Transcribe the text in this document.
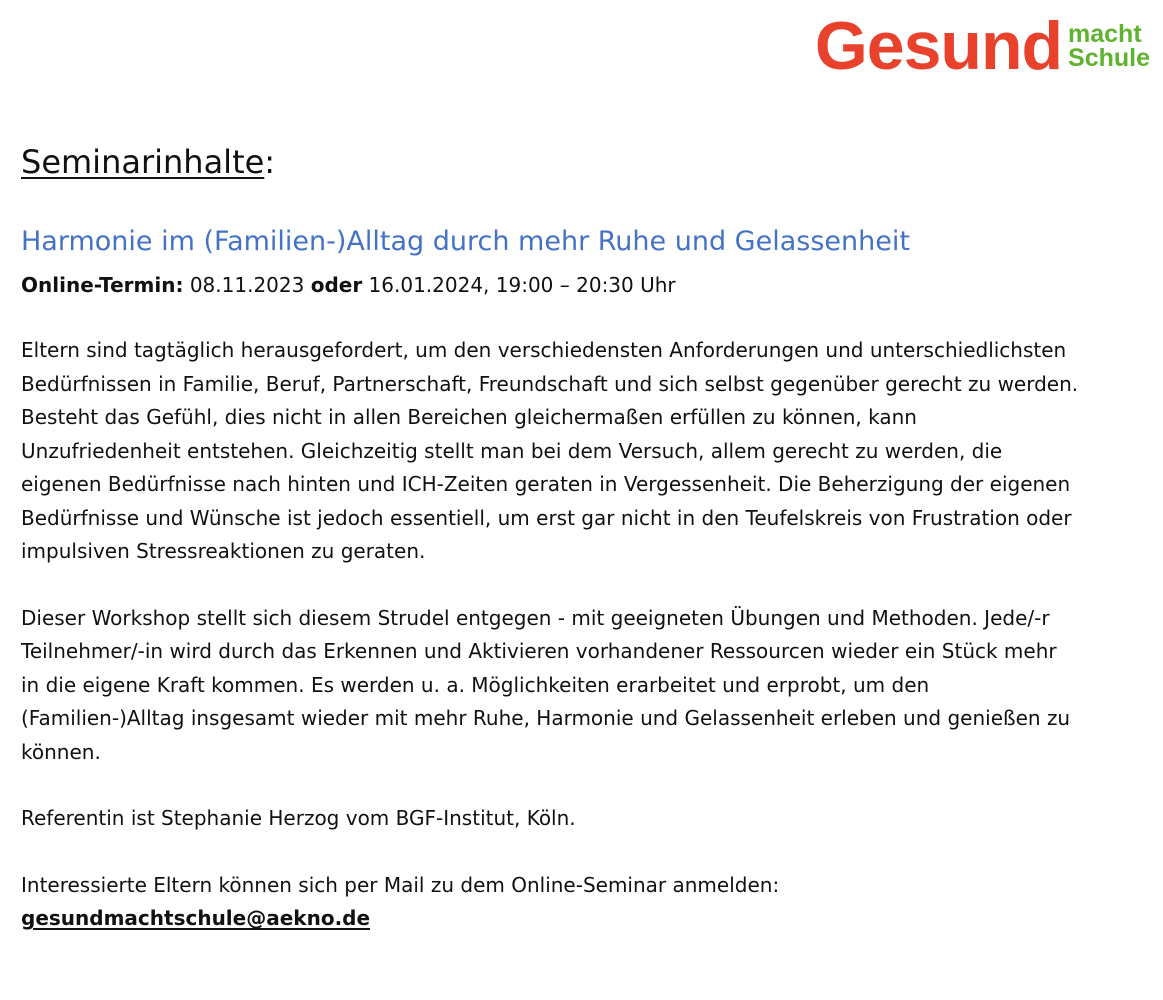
Gesund macht
Schule
Seminarinhalte:
Harmonie im (Familien-)Alltag durch mehr Ruhe und Gelassenheit

Online-Termin: 08.11.2023 oder 16.01.2024, 19:00 – 20:30 Uhr

Eltern sind tagtäglich herausgefordert, um den verschiedensten Anforderungen und unterschiedlichsten Bedürfnissen in Familie, Beruf, Partnerschaft, Freundschaft und sich selbst gegenüber gerecht zu werden. Besteht das Gefühl, dies nicht in allen Bereichen gleichermaßen erfüllen zu können, kann Unzufriedenheit entstehen. Gleichzeitig stellt man bei dem Versuch, allem gerecht zu werden, die eigenen Bedürfnisse nach hinten und ICH-Zeiten geraten in Vergessenheit. Die Beherzigung der eigenen Bedürfnisse und Wünsche ist jedoch essentiell, um erst gar nicht in den Teufelskreis von Frustration oder impulsiven Stressreaktionen zu geraten.

Dieser Workshop stellt sich diesem Strudel entgegen - mit geeigneten Übungen und Methoden. Jede/-r Teilnehmer/-in wird durch das Erkennen und Aktivieren vorhandener Ressourcen wieder ein Stück mehr in die eigene Kraft kommen. Es werden u. a. Möglichkeiten erarbeitet und erprobt, um den (Familien-)Alltag insgesamt wieder mit mehr Ruhe, Harmonie und Gelassenheit erleben und genießen zu können.

Referentin ist Stephanie Herzog vom BGF-Institut, Köln.

Interessierte Eltern können sich per Mail zu dem Online-Seminar anmelden:
gesundmachtschule@aekno.de
